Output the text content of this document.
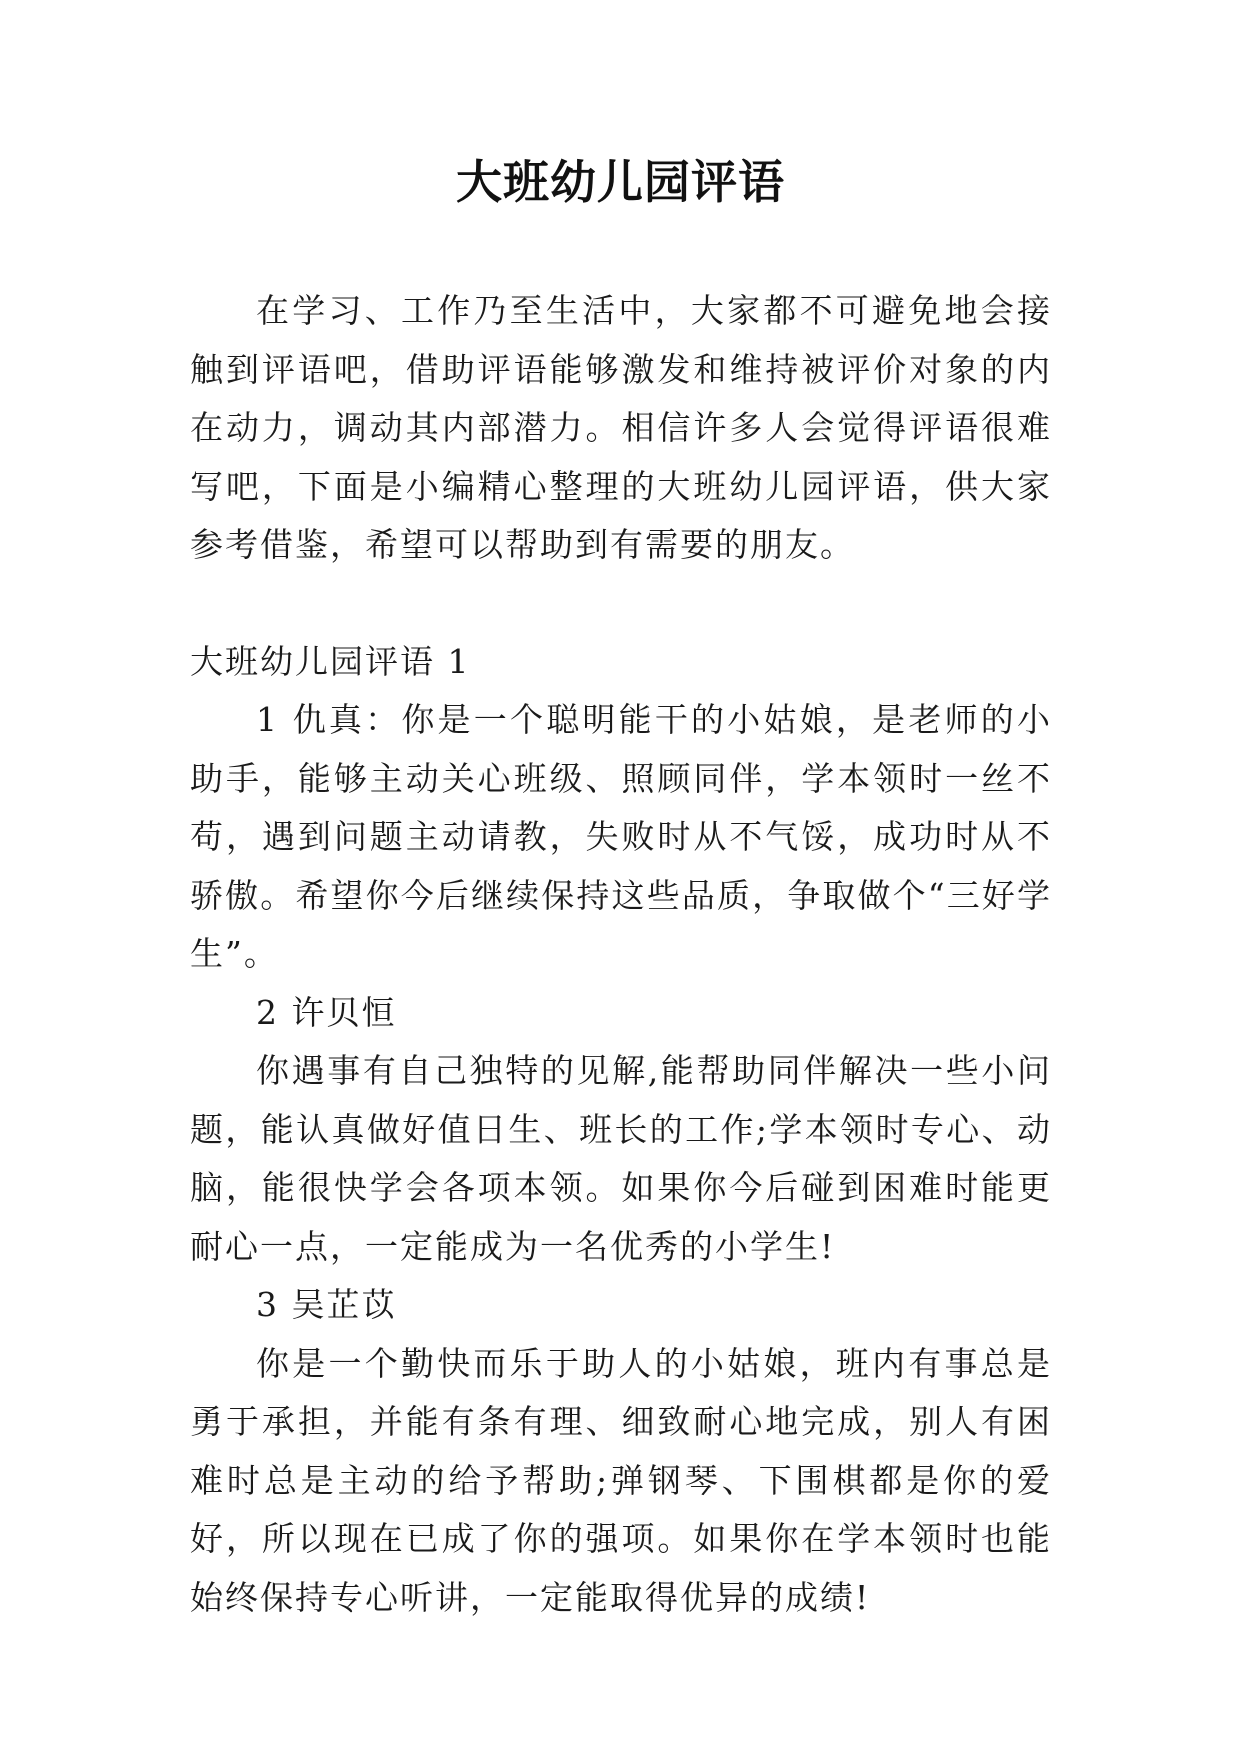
大班幼儿园评语

在学习、工作乃至生活中，大家都不可避免地会接触到评语吧，借助评语能够激发和维持被评价对象的内在动力，调动其内部潜力。相信许多人会觉得评语很难写吧，下面是小编精心整理的大班幼儿园评语，供大家参考借鉴，希望可以帮助到有需要的朋友。

大班幼儿园评语 1

1 仇真：你是一个聪明能干的小姑娘，是老师的小助手，能够主动关心班级、照顾同伴，学本领时一丝不苟，遇到问题主动请教，失败时从不气馁，成功时从不骄傲。希望你今后继续保持这些品质，争取做个“三好学生”。

2 许贝恒

你遇事有自己独特的见解,能帮助同伴解决一些小问题，能认真做好值日生、班长的工作;学本领时专心、动脑，能很快学会各项本领。如果你今后碰到困难时能更耐心一点，一定能成为一名优秀的小学生!

3 吴芷苡

你是一个勤快而乐于助人的小姑娘，班内有事总是勇于承担，并能有条有理、细致耐心地完成，别人有困难时总是主动的给予帮助;弹钢琴、下围棋都是你的爱好，所以现在已成了你的强项。如果你在学本领时也能始终保持专心听讲，一定能取得优异的成绩!
